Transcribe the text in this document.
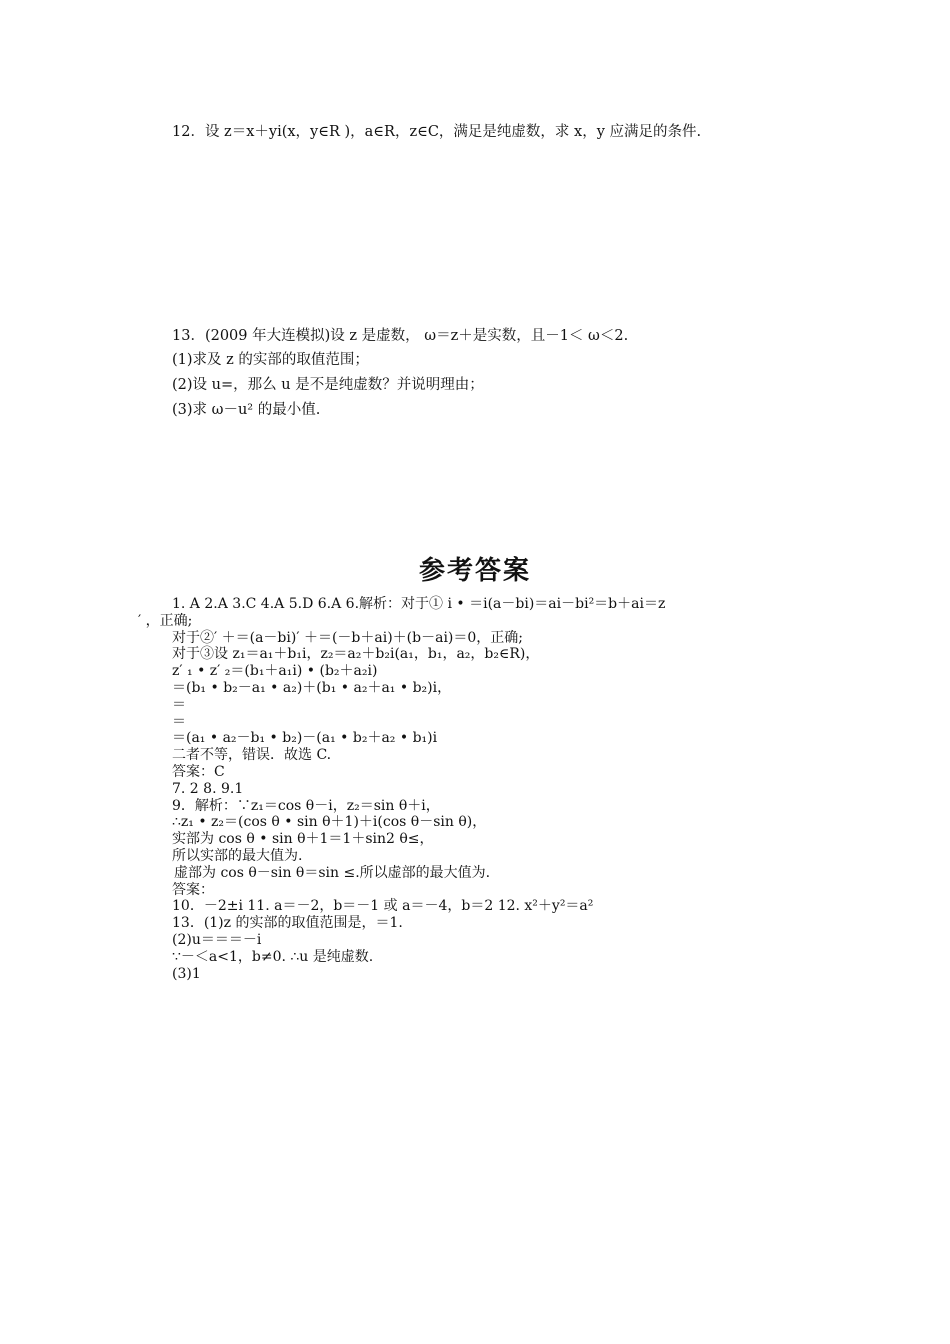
12．设 z＝x＋yi(x，y∈R )，a∈R，z∈C，满足是纯虚数，求 x，y 应满足的条件.
13．(2009 年大连模拟)设 z 是虚数， ω＝z＋是实数，且－1＜ ω＜2.
(1)求及 z 的实部的取值范围；
(2)设 u=，那么 u 是不是纯虚数？并说明理由；
(3)求 ω－u² 的最小值.
参考答案
1. A 2.A 3.C 4.A 5.D 6.A 6.解析：对于① i • ＝i(a－bi)＝ai－bi²＝b＋ai＝z
′ ，正确;
对于②′ ＋＝(a－bi)′ ＋＝(－b＋ai)＋(b－ai)＝0，正确;
对于③设 z₁＝a₁＋b₁i，z₂＝a₂＋b₂i(a₁，b₁，a₂，b₂∈R)，
z′ ₁ • z′ ₂＝(b₁＋a₁i) • (b₂＋a₂i)
＝(b₁ • b₂－a₁ • a₂)＋(b₁ • a₂＋a₁ • b₂)i，
＝
＝
＝(a₁ • a₂－b₁ • b₂)－(a₁ • b₂＋a₂ • b₁)i
二者不等，错误．故选 C.
答案：C
7. 2 8. 9.1
9．解析：∵z₁＝cos θ－i，z₂＝sin θ＋i，
∴z₁ • z₂＝(cos θ • sin θ＋1)＋i(cos θ－sin θ)，
实部为 cos θ • sin θ＋1＝1＋sin2 θ≤，
所以实部的最大值为.
虚部为 cos θ－sin θ＝sin ≤.所以虚部的最大值为.
答案：
10．－2±i 11. a＝－2，b＝－1 或 a＝－4，b＝2 12. x²＋y²＝a²
13．(1)z 的实部的取值范围是，＝1.
(2)u＝＝＝－i
∵－＜a<1，b≠0. ∴u 是纯虚数.
(3)1
